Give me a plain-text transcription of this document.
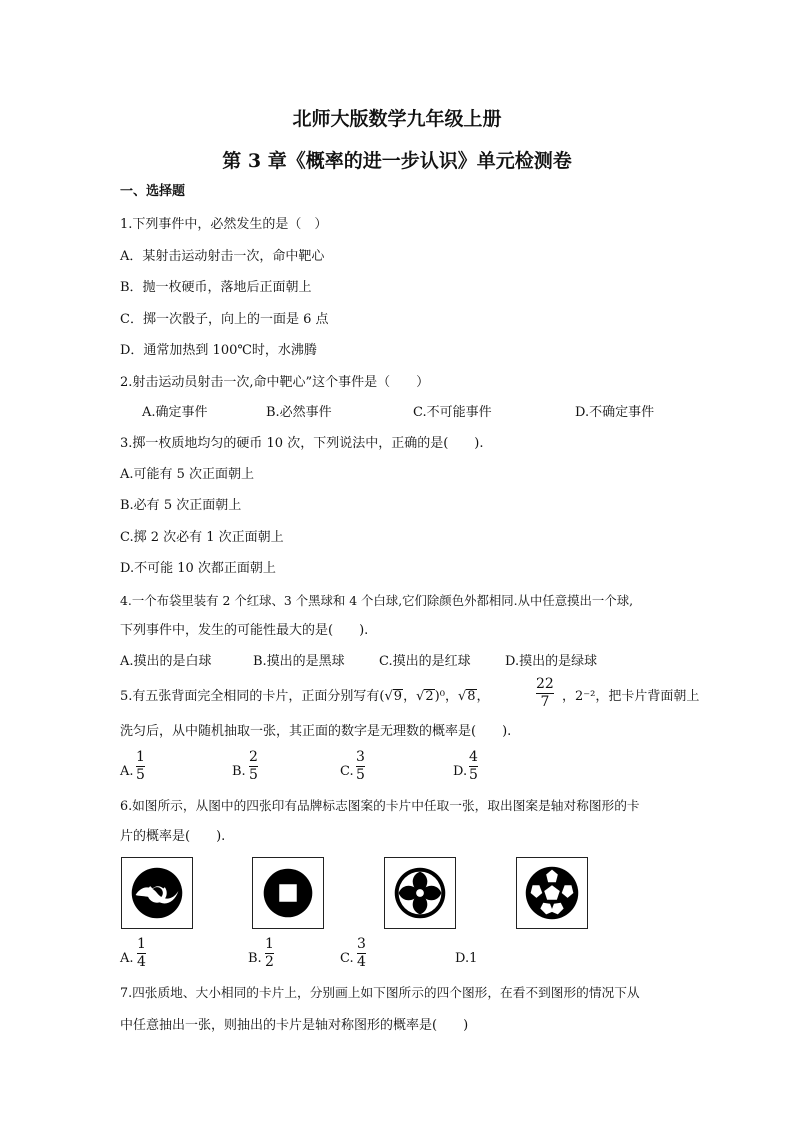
北师大版数学九年级上册
第 3 章《概率的进一步认识》单元检测卷
一、选择题
1.下列事件中，必然发生的是（　）
A．某射击运动射击一次，命中靶心
B．抛一枚硬币，落地后正面朝上
C．掷一次骰子，向上的一面是 6 点
D．通常加热到 100℃时，水沸腾
2.射击运动员射击一次,命中靶心”这个事件是（　　）
A.确定事件	B.必然事件	C.不可能事件	D.不确定事件
3.掷一枚质地均匀的硬币 10 次，下列说法中，正确的是(　　).
A.可能有 5 次正面朝上
B.必有 5 次正面朝上
C.掷 2 次必有 1 次正面朝上
D.不可能 10 次都正面朝上
4.一个布袋里装有 2 个红球、3 个黑球和 4 个白球,它们除颜色外都相同.从中任意摸出一个球,
下列事件中，发生的可能性最大的是(　　).
A.摸出的是白球	B.摸出的是黑球	C.摸出的是红球	D.摸出的是绿球
5.有五张背面完全相同的卡片，正面分别写有(√9，√2)⁰，√8，
22
7 ，2⁻²，把卡片背面朝上
洗匀后，从中随机抽取一张，其正面的数字是无理数的概率是(　　).
A.
1
5	B.
2
5	C.
3
5	D.
4
5
6.如图所示，从图中的四张印有品牌标志图案的卡片中任取一张，取出图案是轴对称图形的卡
片的概率是(　　).
A.
1
4	B.
1
2	C.
3
4	D.1
7.四张质地、大小相同的卡片上，分别画上如下图所示的四个图形，在看不到图形的情况下从
中任意抽出一张，则抽出的卡片是轴对称图形的概率是(　　)
